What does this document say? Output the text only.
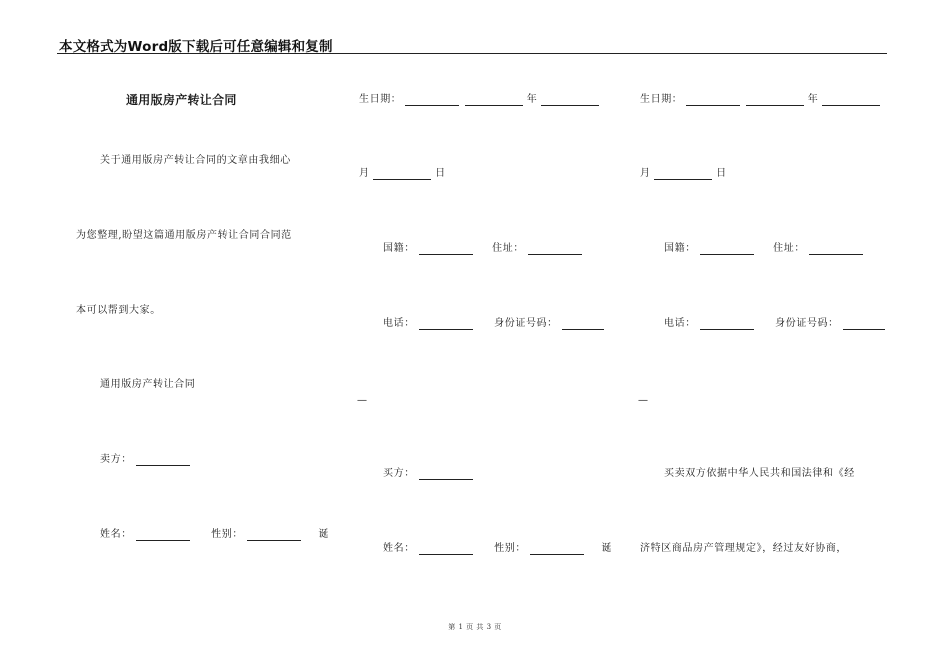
本文格式为Word版下载后可任意编辑和复制
通用版房产转让合同
关于通用版房产转让合同的文章由我细心
为您整理,盼望这篇通用版房产转让合同合同范
本可以帮到大家。
通用版房产转让合同
卖方：
姓名：	性别：	诞
生日期：	年
月	日
国籍：	住址：
电话：	身份证号码：
—
买方：
姓名：	性别：	诞
生日期：	年
月	日
国籍：	住址：
电话：	身份证号码：
—
买卖双方依据中华人民共和国法律和《经
济特区商品房产管理规定》，经过友好协商，
第 1 页 共 3 页
